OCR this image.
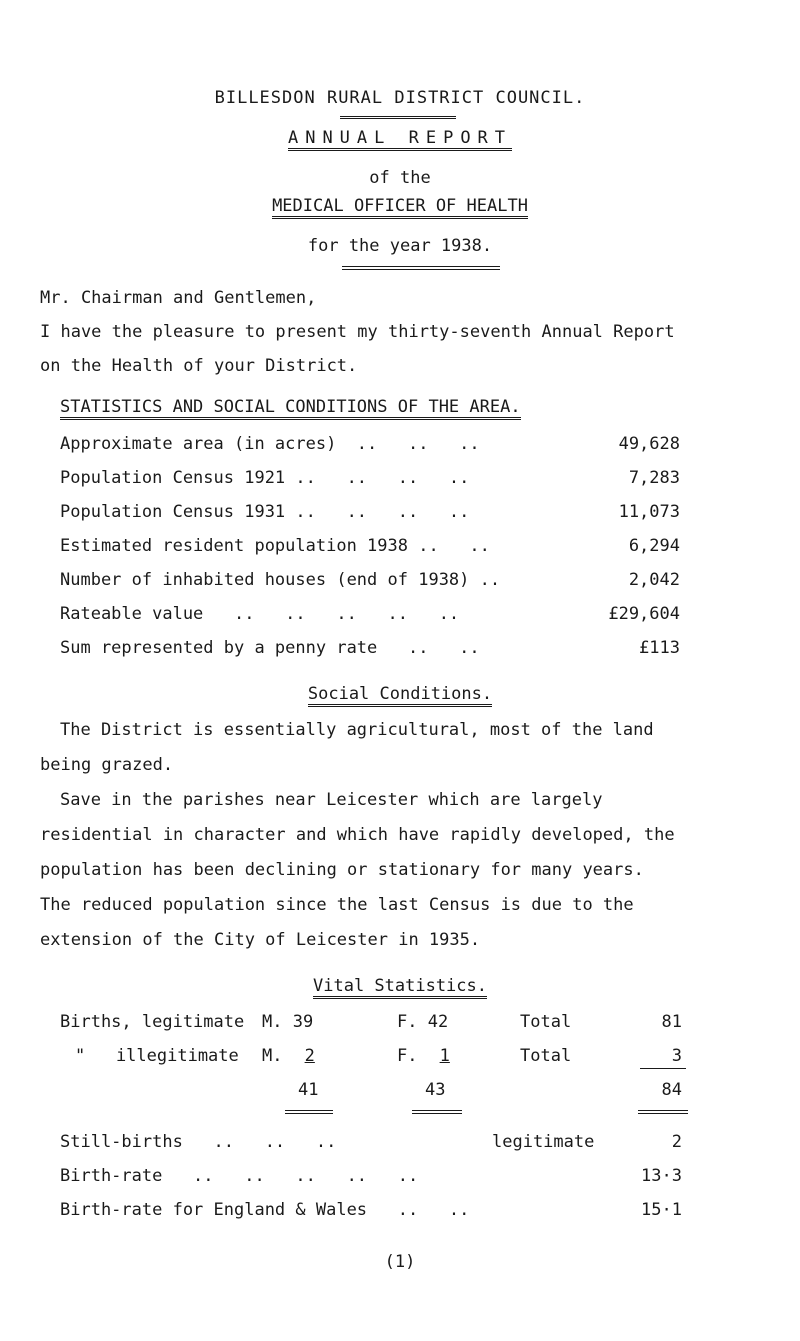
BILLESDON RURAL DISTRICT COUNCIL.
ANNUAL REPORT
of the
MEDICAL OFFICER OF HEALTH
for the year 1938.
Mr. Chairman and Gentlemen,
I have the pleasure to present my thirty-seventh Annual Report
on the Health of your District.
STATISTICS AND SOCIAL CONDITIONS OF THE AREA.
Approximate area (in acres)  ..   ..   ..	49,628
Population Census 1921 ..   ..   ..   ..	7,283
Population Census 1931 ..   ..   ..   ..	11,073
Estimated resident population 1938 ..   ..	6,294
Number of inhabited houses (end of 1938) ..	2,042
Rateable value   ..   ..   ..   ..   ..	£29,604
Sum represented by a penny rate   ..   ..	£113
Social Conditions.
The District is essentially agricultural, most of the land
being grazed.
Save in the parishes near Leicester which are largely
residential in character and which have rapidly developed, the
population has been declining or stationary for many years.
The reduced population since the last Census is due to the
extension of the City of Leicester in 1935.
Vital Statistics.
Births, legitimate M. 39	F. 42	Total	81
"   illegitimate M. 2	F. 1	Total	3
41	43	84
Still-births   ..   ..   ..	legitimate	2
Birth-rate   ..   ..   ..   ..   ..	13·3
Birth-rate for England & Wales   ..   ..	15·1
(1)
